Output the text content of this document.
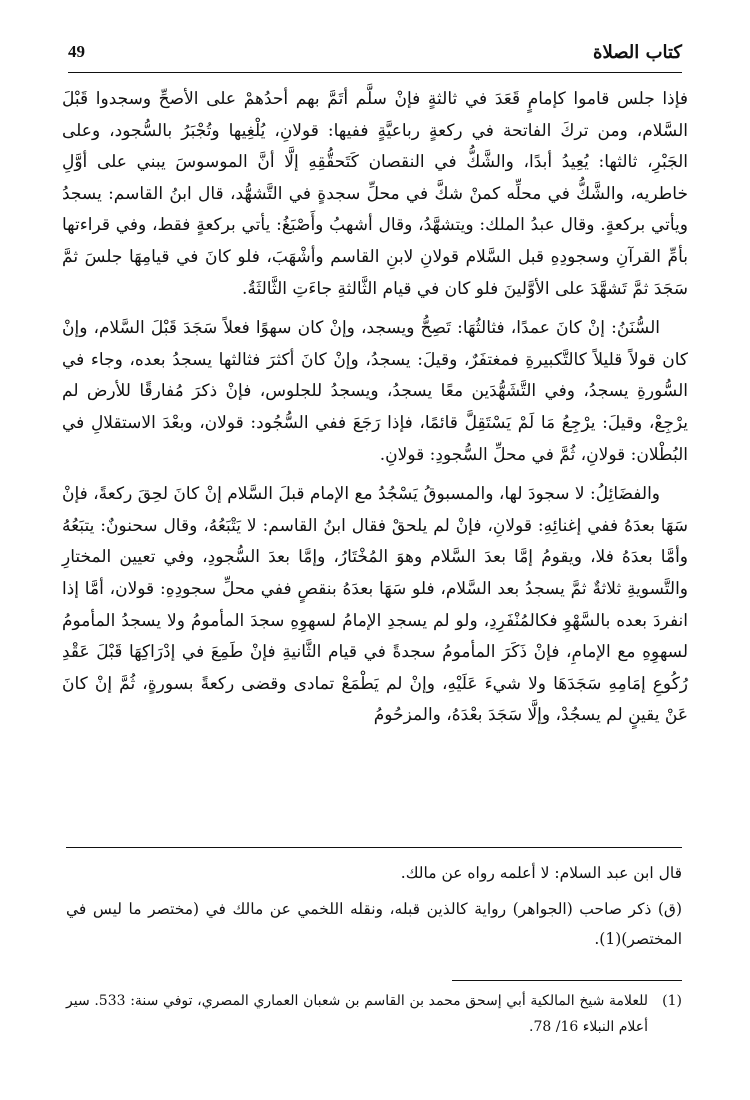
49	كتاب الصلاة

فإذا جلس قاموا كإمامٍ قَعَدَ في ثالثةٍ فإنْ سلَّم أتَمَّ بهم أحدُهمْ على الأصحِّ وسجدوا قَبْلَ السَّلام، ومن تركَ الفاتحة في ركعةٍ رباعيَّةٍ ففيها: قولانِ، يُلْغِيها وتُجْبَرُ بالسُّجود، وعلى الجَبْرِ، ثالثها: يُعِيدُ أبدًا، والشَّكُّ في النقصان كَتَحقُّقِهِ إلَّا أنَّ الموسوسَ يبني على أوَّلِ خاطريه، والشَّكُّ في محلِّه كمنْ شكَّ في محلِّ سجدةٍ في التَّشهُّد، قال ابنُ القاسم: يسجدُ ويأتي بركعةٍ. وقال عبدُ الملك: ويتشهَّدُ، وقال أشهبُ وأَصْبَغُ: يأتي بركعةٍ فقط، وفي قراءتها بأمِّ القرآنِ وسجودِهِ قبل السَّلام قولانِ لابنِ القاسم وأشْهَبَ، فلو كانَ في قيامِهَا جلسَ ثمَّ سَجَدَ ثمَّ تَشهَّدَ على الأوَّلينَ فلو كان في قيام الثَّالثةِ جاءَتِ الثَّالثَةُ.

السُّنَنُ: إنْ كانَ عمدًا، فثالثُهَا: تَصِحُّ ويسجد، وإنْ كان سهوًا فعلاً سَجَدَ قَبْلَ السَّلام، وإنْ كان قولاً قليلاً كالتَّكبيرةِ فمغتفَرٌ، وقيلَ: يسجدُ، وإنْ كانَ أكثرَ فثالثها يسجدُ بعده، وجاء في السُّورةِ يسجدُ، وفي التَّشَهُّدَين معًا يسجدُ، ويسجدُ للجلوس، فإنْ ذكرَ مُفارقًا للأرض لم يرْجِعْ، وقيلَ: يرْجِعُ مَا لَمْ يَسْتَقِلَّ قائمًا، فإذا رَجَعَ ففي السُّجُود: قولان، وبعْدَ الاستقلالِ في البُطْلان: قولانِ، ثُمَّ في محلِّ السُّجودِ: قولانِ.

والفضَائِلُ: لا سجودَ لها، والمسبوقُ يَسْجُدُ مع الإمام قبلَ السَّلام إنْ كانَ لحِقَ ركعةً، فإنْ سَهَا بعدَهُ ففي إغنائِهِ: قولانِ، فإنْ لم يلحقْ فقال ابنُ القاسم: لا يَتْبَعُهُ، وقال سحنونٌ: يتبَعُهُ وأمَّا بعدَهُ فلا، ويقومُ إمَّا بعدَ السَّلام وهوَ المُخْتَارُ، وإمَّا بعدَ السُّجودِ، وفي تعيين المختارِ والتَّسويةِ ثلاثةٌ ثمَّ يسجدُ بعد السَّلام، فلو سَهَا بعدَهُ بنقصٍ ففي محلِّ سجودِهِ: قولان، أمَّا إذا انفردَ بعده بالسَّهْوِ فكالمُنْفَرِدِ، ولو لم يسجدِ الإمامُ لسهوِهِ سجدَ المأمومُ ولا يسجدُ المأمومُ لسهوِهِ مع الإمامِ، فإنْ ذَكَرَ المأمومُ سجدةً في قيام الثَّانيةِ فإنْ طَمِعَ في إدْرَاكِهَا قَبْلَ عَقْدِ رُكُوعِ إمَامِهِ سَجَدَهَا ولا شيءَ عَلَيْهِ، وإنْ لم يَطْمَعْ تمادى وقضى ركعةً بسورةٍ، ثُمَّ إنْ كانَ عَنْ يقينٍ لم يسجُدْ، وإلَّا سَجَدَ بعْدَهُ، والمزحُومُ

قال ابن عبد السلام: لا أعلمه رواه عن مالك.

(ق) ذكر صاحب (الجواهر) رواية كالذين قبله، ونقله اللخمي عن مالك في (مختصر ما ليس في المختصر)(1).

(1)
للعلامة شيخ المالكية أبي إسحق محمد بن القاسم بن شعبان العماري المصري، توفي سنة: 533. سير أعلام النبلاء 16/ 78.
